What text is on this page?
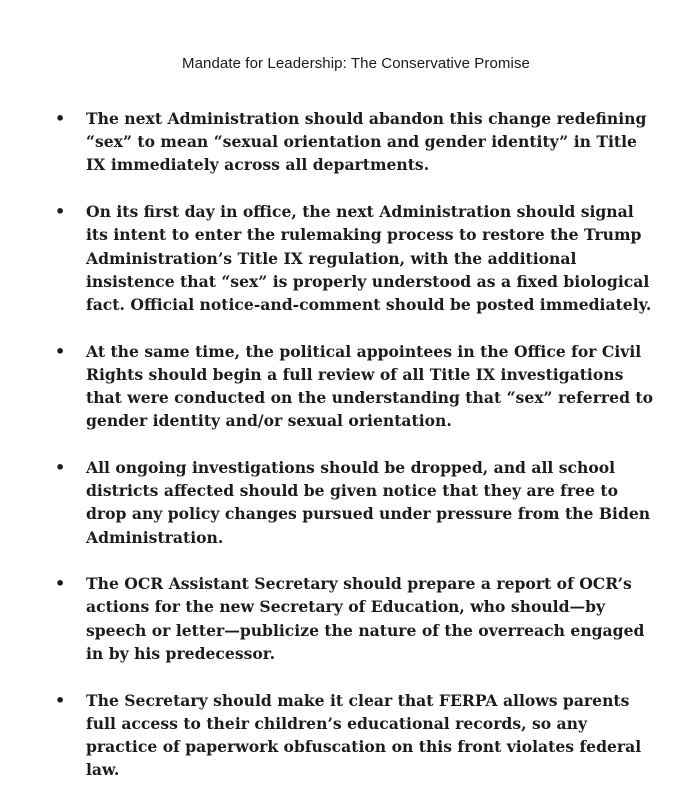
Mandate for Leadership: The Conservative Promise
• The next Administration should abandon this change redefining “sex” to mean “sexual orientation and gender identity” in Title IX immediately across all departments.
• On its first day in office, the next Administration should signal its intent to enter the rulemaking process to restore the Trump Administration’s Title IX regulation, with the additional insistence that “sex” is properly understood as a fixed biological fact. Official notice-and-comment should be posted immediately.
• At the same time, the political appointees in the Office for Civil Rights should begin a full review of all Title IX investigations that were conducted on the understanding that “sex” referred to gender identity and/or sexual orientation.
• All ongoing investigations should be dropped, and all school districts affected should be given notice that they are free to drop any policy changes pursued under pressure from the Biden Administration.
• The OCR Assistant Secretary should prepare a report of OCR’s actions for the new Secretary of Education, who should—by speech or letter—publicize the nature of the overreach engaged in by his predecessor.
• The Secretary should make it clear that FERPA allows parents full access to their children’s educational records, so any practice of paperwork obfuscation on this front violates federal law.
